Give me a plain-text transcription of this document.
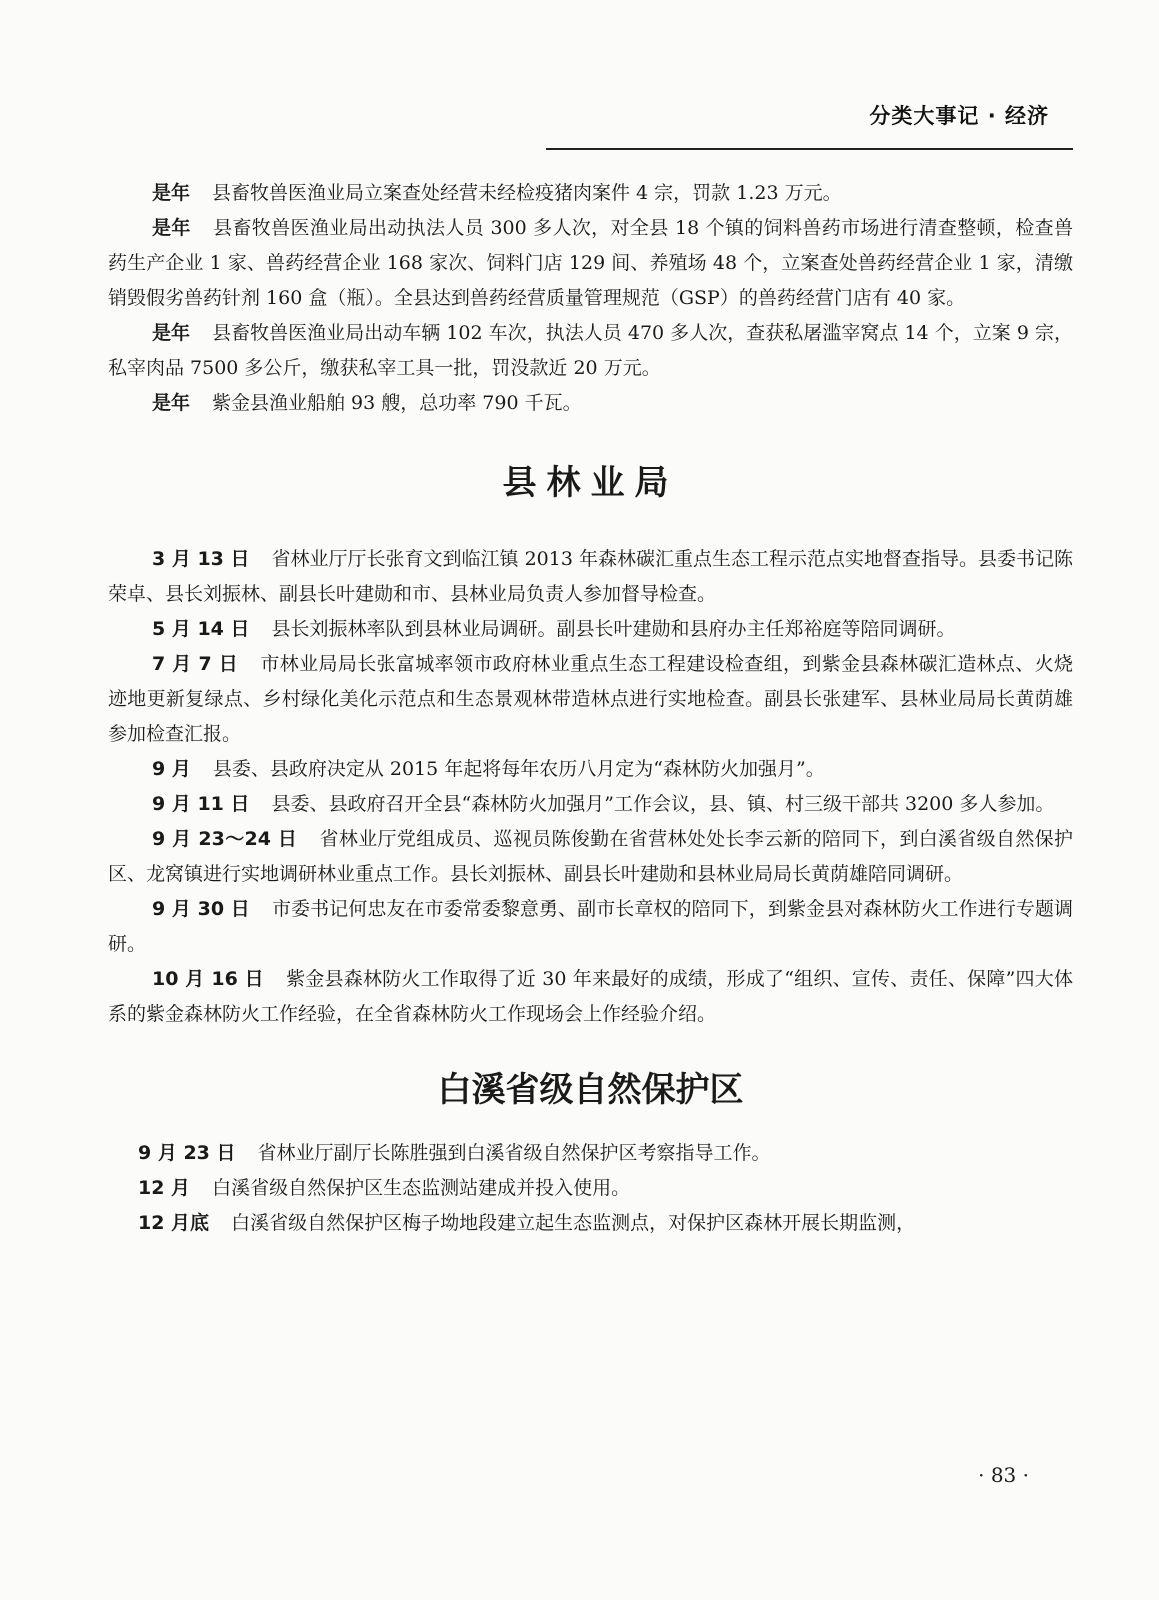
分类大事记 · 经济

是年 县畜牧兽医渔业局立案查处经营未经检疫猪肉案件 4 宗，罚款 1.23 万元。

是年 县畜牧兽医渔业局出动执法人员 300 多人次，对全县 18 个镇的饲料兽药市场进行清查整顿，检查兽药生产企业 1 家、兽药经营企业 168 家次、饲料门店 129 间、养殖场 48 个，立案查处兽药经营企业 1 家，清缴销毁假劣兽药针剂 160 盒（瓶）。全县达到兽药经营质量管理规范（GSP）的兽药经营门店有 40 家。

是年 县畜牧兽医渔业局出动车辆 102 车次，执法人员 470 多人次，查获私屠滥宰窝点 14 个，立案 9 宗，私宰肉品 7500 多公斤，缴获私宰工具一批，罚没款近 20 万元。

是年 紫金县渔业船舶 93 艘，总功率 790 千瓦。

县林业局

3 月 13 日 省林业厅厅长张育文到临江镇 2013 年森林碳汇重点生态工程示范点实地督查指导。县委书记陈荣卓、县长刘振林、副县长叶建勋和市、县林业局负责人参加督导检查。

5 月 14 日 县长刘振林率队到县林业局调研。副县长叶建勋和县府办主任郑裕庭等陪同调研。

7 月 7 日 市林业局局长张富城率领市政府林业重点生态工程建设检查组，到紫金县森林碳汇造林点、火烧迹地更新复绿点、乡村绿化美化示范点和生态景观林带造林点进行实地检查。副县长张建军、县林业局局长黄荫雄参加检查汇报。

9 月 县委、县政府决定从 2015 年起将每年农历八月定为“森林防火加强月”。

9 月 11 日 县委、县政府召开全县“森林防火加强月”工作会议，县、镇、村三级干部共 3200 多人参加。

9 月 23～24 日 省林业厅党组成员、巡视员陈俊勤在省营林处处长李云新的陪同下，到白溪省级自然保护区、龙窝镇进行实地调研林业重点工作。县长刘振林、副县长叶建勋和县林业局局长黄荫雄陪同调研。

9 月 30 日 市委书记何忠友在市委常委黎意勇、副市长章权的陪同下，到紫金县对森林防火工作进行专题调研。

10 月 16 日 紫金县森林防火工作取得了近 30 年来最好的成绩，形成了“组织、宣传、责任、保障”四大体系的紫金森林防火工作经验，在全省森林防火工作现场会上作经验介绍。

白溪省级自然保护区

9 月 23 日 省林业厅副厅长陈胜强到白溪省级自然保护区考察指导工作。

12 月 白溪省级自然保护区生态监测站建成并投入使用。

12 月底 白溪省级自然保护区梅子坳地段建立起生态监测点，对保护区森林开展长期监测，

· 83 ·
